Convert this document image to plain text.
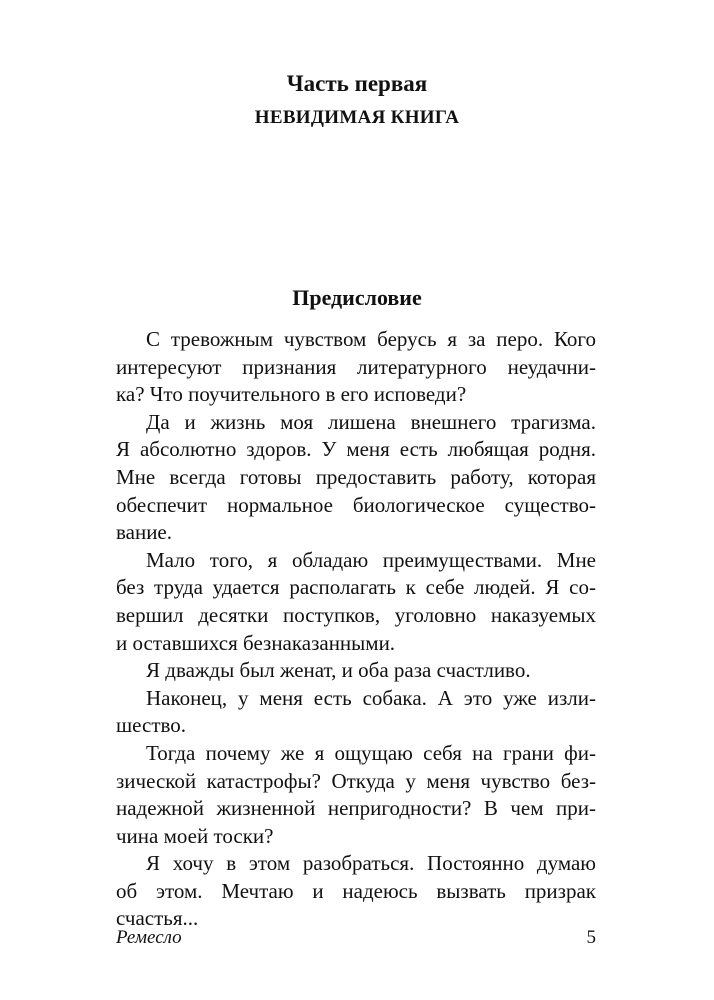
Часть первая
НЕВИДИМАЯ КНИГА
Предисловие
С тревожным чувством берусь я за перо. Кого
интересуют признания литературного неудачни-
ка? Что поучительного в его исповеди?
Да и жизнь моя лишена внешнего трагизма.
Я абсолютно здоров. У меня есть любящая родня.
Мне всегда готовы предоставить работу, которая
обеспечит нормальное биологическое существо-
вание.
Мало того, я обладаю преимуществами. Мне
без труда удается располагать к себе людей. Я со-
вершил десятки поступков, уголовно наказуемых
и оставшихся безнаказанными.
Я дважды был женат, и оба раза счастливо.
Наконец, у меня есть собака. А это уже изли-
шество.
Тогда почему же я ощущаю себя на грани фи-
зической катастрофы? Откуда у меня чувство без-
надежной жизненной непригодности? В чем при-
чина моей тоски?
Я хочу в этом разобраться. Постоянно думаю
об этом. Мечтаю и надеюсь вызвать призрак
счастья...
Ремесло	5
